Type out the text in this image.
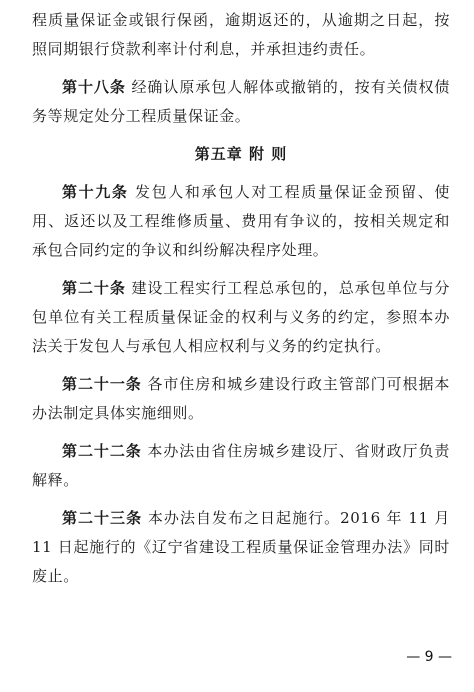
程质量保证金或银行保函，逾期返还的，从逾期之日起，按照同期银行贷款利率计付利息，并承担违约责任。

第十八条 经确认原承包人解体或撤销的，按有关债权债务等规定处分工程质量保证金。

第五章 附 则

第十九条 发包人和承包人对工程质量保证金预留、使用、返还以及工程维修质量、费用有争议的，按相关规定和承包合同约定的争议和纠纷解决程序处理。

第二十条 建设工程实行工程总承包的，总承包单位与分包单位有关工程质量保证金的权利与义务的约定，参照本办法关于发包人与承包人相应权利与义务的约定执行。

第二十一条 各市住房和城乡建设行政主管部门可根据本办法制定具体实施细则。

第二十二条 本办法由省住房城乡建设厅、省财政厅负责解释。

第二十三条 本办法自发布之日起施行。2016 年 11 月 11 日起施行的《辽宁省建设工程质量保证金管理办法》同时废止。

— 9 —
